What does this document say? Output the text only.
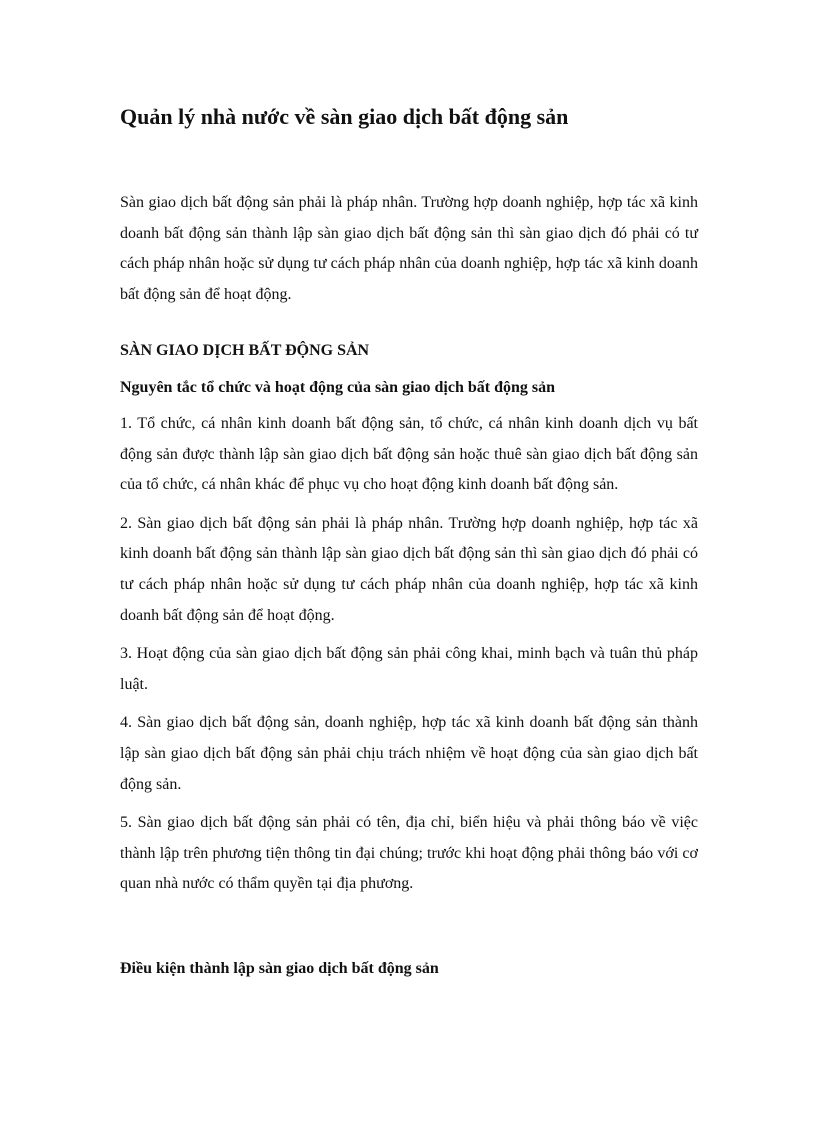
Quản lý nhà nước về sàn giao dịch bất động sản

Sàn giao dịch bất động sản phải là pháp nhân. Trường hợp doanh nghiệp, hợp tác xã kinh doanh bất động sản thành lập sàn giao dịch bất động sản thì sàn giao dịch đó phải có tư cách pháp nhân hoặc sử dụng tư cách pháp nhân của doanh nghiệp, hợp tác xã kinh doanh bất động sản để hoạt động.

SÀN GIAO DỊCH BẤT ĐỘNG SẢN
Nguyên tắc tổ chức và hoạt động của sàn giao dịch bất động sản

1. Tổ chức, cá nhân kinh doanh bất động sản, tổ chức, cá nhân kinh doanh dịch vụ bất động sản được thành lập sàn giao dịch bất động sản hoặc thuê sàn giao dịch bất động sản của tổ chức, cá nhân khác để phục vụ cho hoạt động kinh doanh bất động sản.

2. Sàn giao dịch bất động sản phải là pháp nhân. Trường hợp doanh nghiệp, hợp tác xã kinh doanh bất động sản thành lập sàn giao dịch bất động sản thì sàn giao dịch đó phải có tư cách pháp nhân hoặc sử dụng tư cách pháp nhân của doanh nghiệp, hợp tác xã kinh doanh bất động sản để hoạt động.

3. Hoạt động của sàn giao dịch bất động sản phải công khai, minh bạch và tuân thủ pháp luật.

4. Sàn giao dịch bất động sản, doanh nghiệp, hợp tác xã kinh doanh bất động sản thành lập sàn giao dịch bất động sản phải chịu trách nhiệm về hoạt động của sàn giao dịch bất động sản.

5. Sàn giao dịch bất động sản phải có tên, địa chỉ, biển hiệu và phải thông báo về việc thành lập trên phương tiện thông tin đại chúng; trước khi hoạt động phải thông báo với cơ quan nhà nước có thẩm quyền tại địa phương.

Điều kiện thành lập sàn giao dịch bất động sản
